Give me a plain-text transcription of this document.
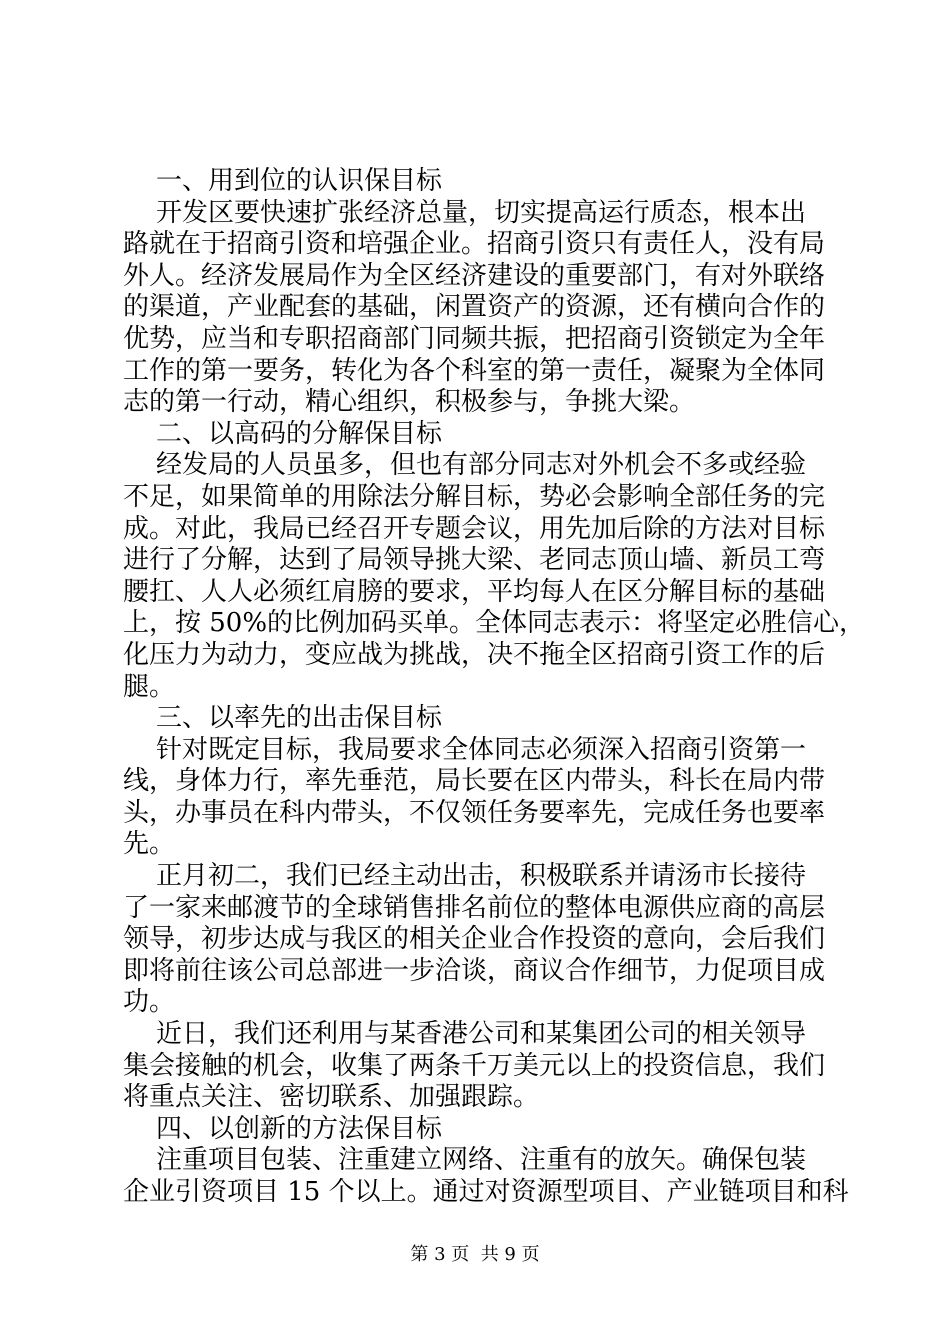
一、用到位的认识保目标
开发区要快速扩张经济总量，切实提高运行质态，根本出
路就在于招商引资和培强企业。招商引资只有责任人，没有局
外人。经济发展局作为全区经济建设的重要部门，有对外联络
的渠道，产业配套的基础，闲置资产的资源，还有横向合作的
优势，应当和专职招商部门同频共振，把招商引资锁定为全年
工作的第一要务，转化为各个科室的第一责任，凝聚为全体同
志的第一行动，精心组织，积极参与，争挑大梁。
二、以高码的分解保目标
经发局的人员虽多，但也有部分同志对外机会不多或经验
不足，如果简单的用除法分解目标，势必会影响全部任务的完
成。对此，我局已经召开专题会议，用先加后除的方法对目标
进行了分解，达到了局领导挑大梁、老同志顶山墙、新员工弯
腰扛、人人必须红肩膀的要求，平均每人在区分解目标的基础
上，按 50%的比例加码买单。全体同志表示：将坚定必胜信心，
化压力为动力，变应战为挑战，决不拖全区招商引资工作的后
腿。
三、以率先的出击保目标
针对既定目标，我局要求全体同志必须深入招商引资第一
线，身体力行，率先垂范，局长要在区内带头，科长在局内带
头，办事员在科内带头，不仅领任务要率先，完成任务也要率
先。
正月初二，我们已经主动出击，积极联系并请汤市长接待
了一家来邮渡节的全球销售排名前位的整体电源供应商的高层
领导，初步达成与我区的相关企业合作投资的意向，会后我们
即将前往该公司总部进一步洽谈，商议合作细节，力促项目成
功。
近日，我们还利用与某香港公司和某集团公司的相关领导
集会接触的机会，收集了两条千万美元以上的投资信息，我们
将重点关注、密切联系、加强跟踪。
四、以创新的方法保目标
注重项目包装、注重建立网络、注重有的放矢。确保包装
企业引资项目 15 个以上。通过对资源型项目、产业链项目和科
第 3 页  共 9 页
